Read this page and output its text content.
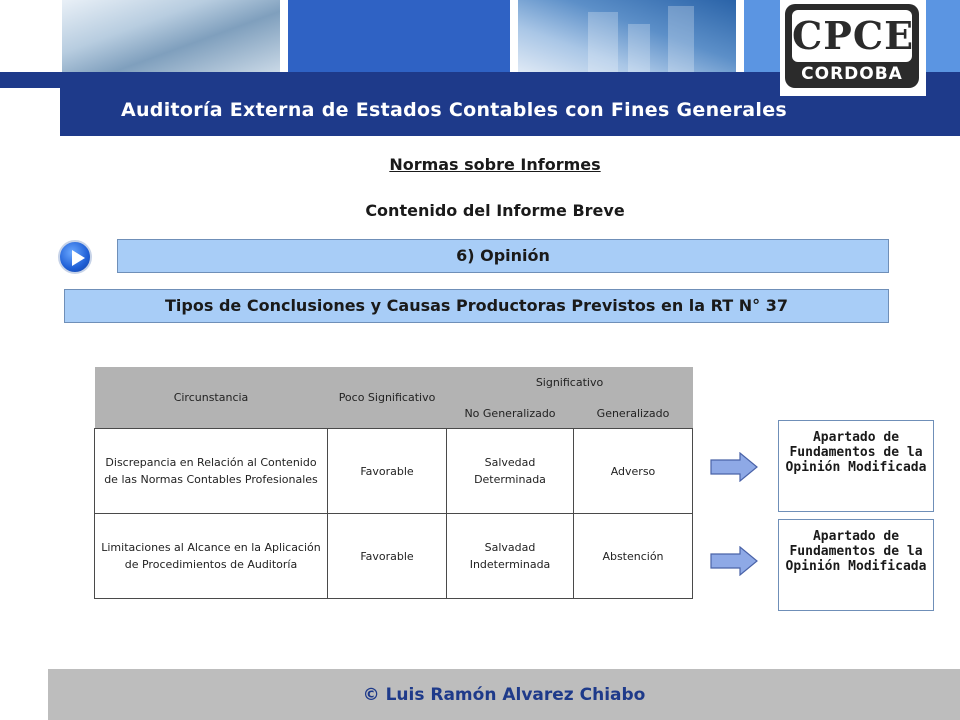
Auditoría Externa de Estados Contables con Fines Generales
CPCE
CORDOBA
Normas sobre Informes
Contenido del Informe Breve
6) Opinión
Tipos de Conclusiones y Causas Productoras Previstos en la RT N° 37
Circunstancia	Poco Significativo	Significativo	
		No Generalizado	Generalizado
Discrepancia en Relación al Contenido de las Normas Contables Profesionales	Favorable	Salvedad Determinada	Adverso
Limitaciones al Alcance en la Aplicación de Procedimientos de Auditoría	Favorable	Salvadad Indeterminada	Abstención
Apartado de Fundamentos de la Opinión Modificada
Apartado de Fundamentos de la Opinión Modificada
© Luis Ramón Alvarez Chiabo
